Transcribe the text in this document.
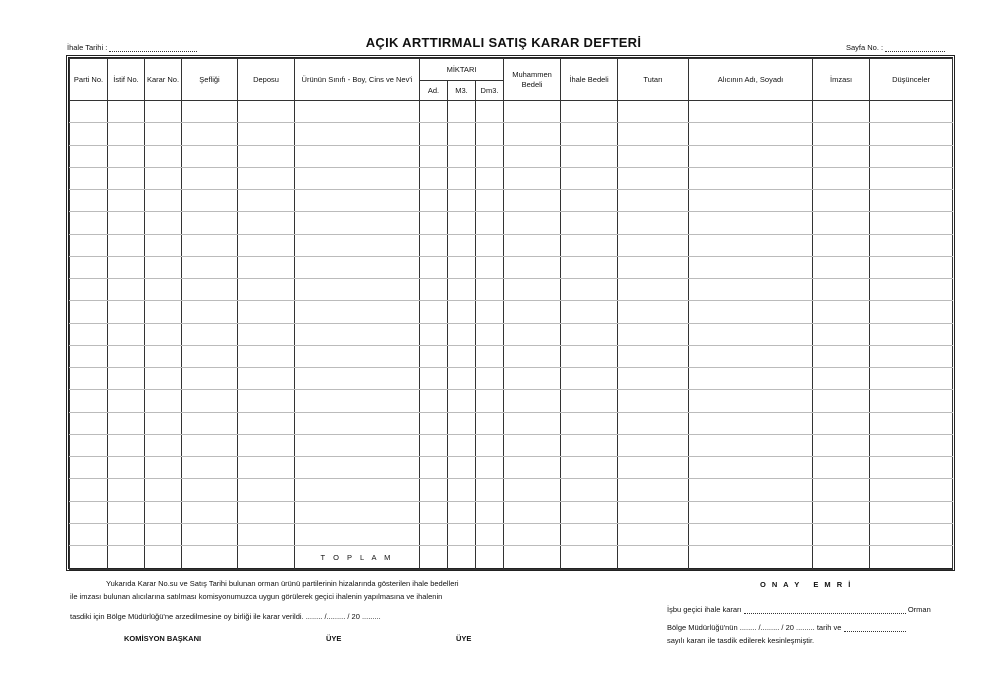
İhale Tarihi :	AÇIK ARTTIRMALI SATIŞ KARAR DEFTERİ	Sayfa No. :
Parti No.	İstif No.	Karar No.	Şefliği	Deposu	Ürünün Sınıfı - Boy, Cins ve Nev'i	MİKTARI			Muhammen Bedeli	İhale Bedeli	Tutarı	Alıcının Adı, Soyadı	İmzası	Düşünceler
						Ad.	M3.	Dm3.						

					T O P L A M									
Yukarıda Karar No.su ve Satış Tarihi bulunan orman ürünü partilerinin hizalarında gösterilen ihale bedelleri
ile imzası bulunan alıcılarına satılması komisyonumuzca uygun görülerek geçici ihalenin yapılmasına ve ihalenin
tasdiki için Bölge Müdürlüğü'ne arzedilmesine oy birliği ile karar verildi. ........ /......... / 20 .........
KOMİSYON BAŞKANI	ÜYE	ÜYE
O N A Y   E M R İ
İşbu geçici ihale kararı	Orman
Bölge Müdürlüğü'nün ........ /......... / 20 ......... tarih ve
sayılı kararı ile tasdik edilerek kesinleşmiştir.
